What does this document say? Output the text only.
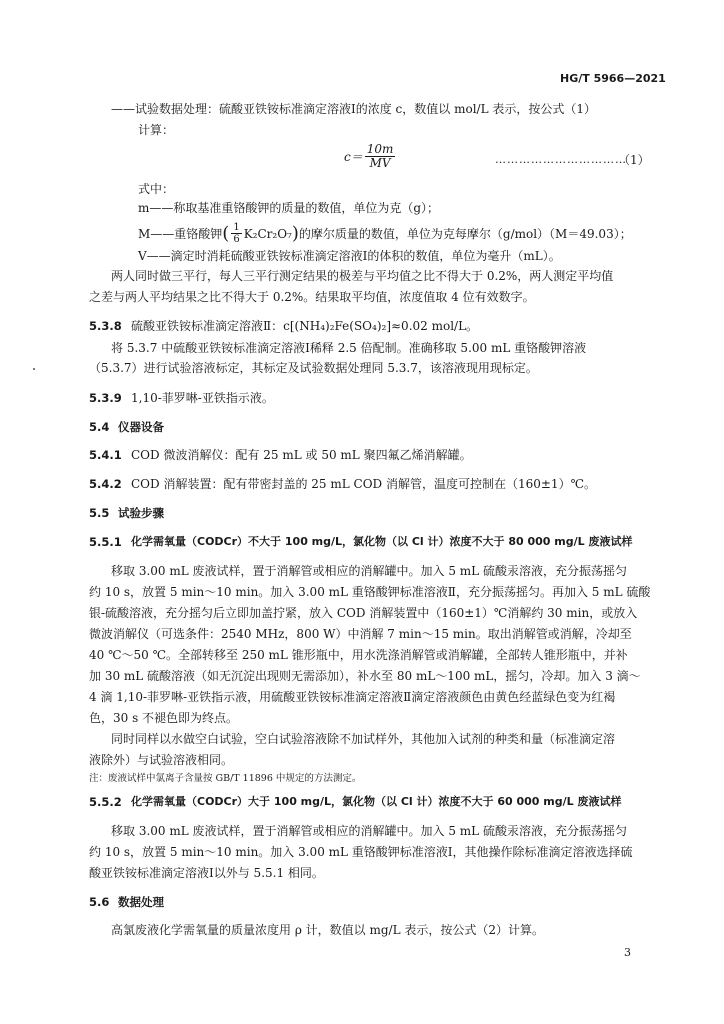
HG/T 5966—2021
——试验数据处理：硫酸亚铁铵标准滴定溶液Ⅰ的浓度 c，数值以 mol/L 表示，按公式（1）
计算：
$c= \frac{10m}{MV}$	……………………………
（1）
式中：
m——称取基准重铬酸钾的质量的数值，单位为克（g）；
M——重铬酸钾 ( $\frac{1}{6} K_2Cr_2O_7$ ) 的摩尔质量的数值，单位为克每摩尔（g/mol）（M＝49.03）；
V——滴定时消耗硫酸亚铁铵标准滴定溶液Ⅰ的体积的数值，单位为毫升（mL）。
两人同时做三平行，每人三平行测定结果的极差与平均值之比不得大于 0.2%，两人测定平均值
之差与两人平均结果之比不得大于 0.2%。结果取平均值，浓度值取 4 位有效数字。
5.3.8 硫酸亚铁铵标准滴定溶液Ⅱ：c[(NH₄)₂Fe(SO₄)₂]≈0.02 mol/L。
将 5.3.7 中硫酸亚铁铵标准滴定溶液Ⅰ稀释 2.5 倍配制。准确移取 5.00 mL 重铬酸钾溶液
（5.3.7）进行试验溶液标定，其标定及试验数据处理同 5.3.7，该溶液现用现标定。
5.3.9 1,10-菲罗啉-亚铁指示液。
5.4 仪器设备
5.4.1 COD 微波消解仪：配有 25 mL 或 50 mL 聚四氟乙烯消解罐。
5.4.2 COD 消解装置：配有带密封盖的 25 mL COD 消解管，温度可控制在（160±1）℃。
5.5 试验步骤
5.5.1 化学需氧量（CODCr）不大于 100 mg/L，氯化物（以 Cl 计）浓度不大于 80 000 mg/L 废液试样
移取 3.00 mL 废液试样，置于消解管或相应的消解罐中。加入 5 mL 硫酸汞溶液，充分振荡摇匀
约 10 s，放置 5 min～10 min。加入 3.00 mL 重铬酸钾标准溶液Ⅱ，充分振荡摇匀。再加入 5 mL 硫酸
银-硫酸溶液，充分摇匀后立即加盖拧紧，放入 COD 消解装置中（160±1）℃消解约 30 min，或放入
微波消解仪（可选条件：2540 MHz，800 W）中消解 7 min～15 min。取出消解管或消解，冷却至
40 ℃～50 ℃。全部转移至 250 mL 锥形瓶中，用水洗涤消解管或消解罐，全部转人锥形瓶中，并补
加 30 mL 硫酸溶液（如无沉淀出现则无需添加），补水至 80 mL～100 mL，摇匀，冷却。加入 3 滴～
4 滴 1,10-菲罗啉-亚铁指示液，用硫酸亚铁铵标准滴定溶液Ⅱ滴定溶液颜色由黄色经蓝绿色变为红褐
色，30 s 不褪色即为终点。
同时同样以水做空白试验，空白试验溶液除不加试样外，其他加入试剂的种类和量（标准滴定溶
液除外）与试验溶液相同。
注：废液试样中氯离子含量按 GB/T 11896 中规定的方法测定。
5.5.2 化学需氧量（CODCr）大于 100 mg/L，氯化物（以 Cl 计）浓度不大于 60 000 mg/L 废液试样
移取 3.00 mL 废液试样，置于消解管或相应的消解罐中。加入 5 mL 硫酸汞溶液，充分振荡摇匀
约 10 s，放置 5 min～10 min。加入 3.00 mL 重铬酸钾标准溶液Ⅰ，其他操作除标准滴定溶液选择硫
酸亚铁铵标准滴定溶液Ⅰ以外与 5.5.1 相同。
5.6 数据处理
高氯废液化学需氧量的质量浓度用 ρ 计，数值以 mg/L 表示，按公式（2）计算。
3
